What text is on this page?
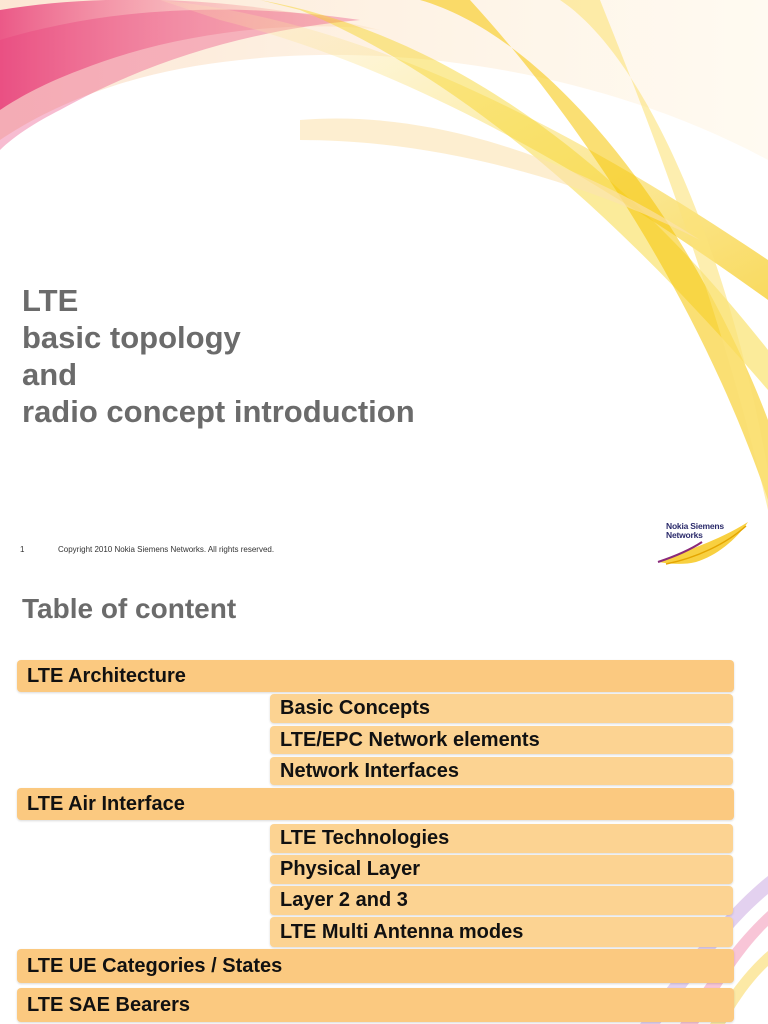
LTE
basic topology
and
radio concept introduction
1	Copyright 2010 Nokia Siemens Networks. All rights reserved.
Nokia Siemens
Networks
Table of content
LTE Architecture
Basic Concepts
LTE/EPC Network elements
Network Interfaces
LTE Air Interface
LTE Technologies
Physical Layer
Layer 2 and 3
LTE Multi Antenna modes
LTE UE Categories / States
LTE SAE Bearers
